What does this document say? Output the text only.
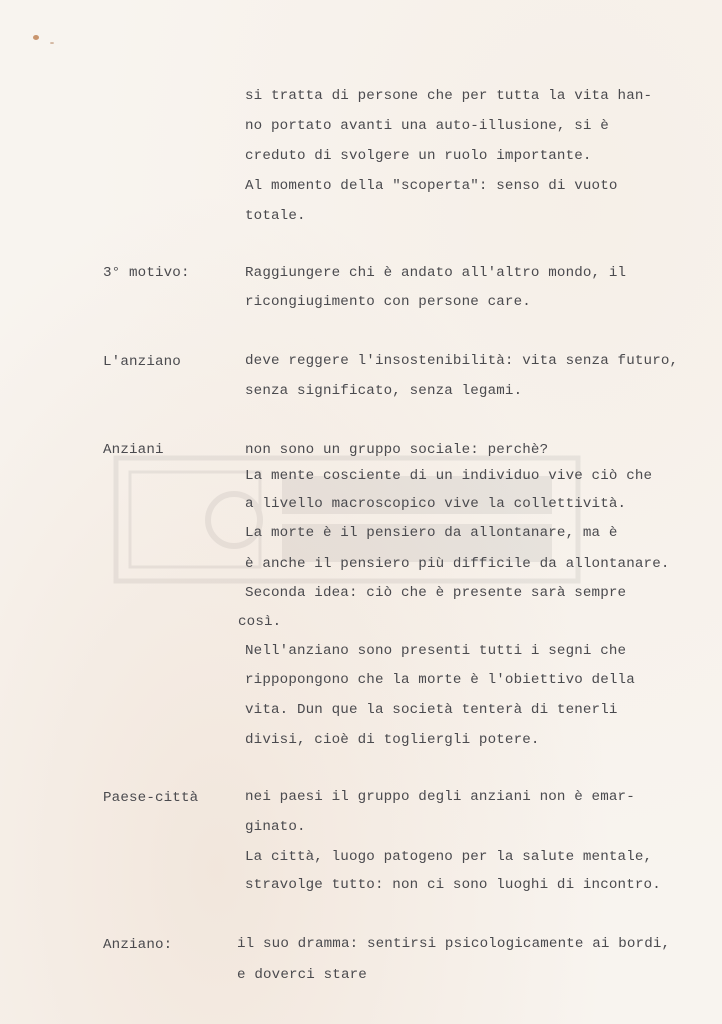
si tratta di persone che per tutta la vita han-
no portato avanti una auto-illusione, si è
creduto di svolgere un ruolo importante.
Al momento della "scoperta": senso di vuoto
totale.
3° motivo:	Raggiungere chi è andato all'altro mondo, il
ricongiugimento con persone care.
L'anziano	deve reggere l'insostenibilità: vita senza futuro,
senza significato, senza legami.
Anziani	non sono un gruppo sociale: perchè?
La mente cosciente di un individuo vive ciò che
a livello macroscopico vive la collettività.
La morte è il pensiero da allontanare, ma è
è anche il pensiero più difficile da allontanare.
Seconda idea: ciò che è presente sarà sempre
così.
Nell'anziano sono presenti tutti i segni che
rippopongono che la morte è l'obiettivo della
vita. Dun que la società tenterà di tenerli
divisi, cioè di togliergli potere.
Paese-città	nei paesi il gruppo degli anziani non è emar-
ginato.
La città, luogo patogeno per la salute mentale,
stravolge tutto: non ci sono luoghi di incontro.
Anziano:	il suo dramma: sentirsi psicologicamente ai bordi,
e doverci stare
